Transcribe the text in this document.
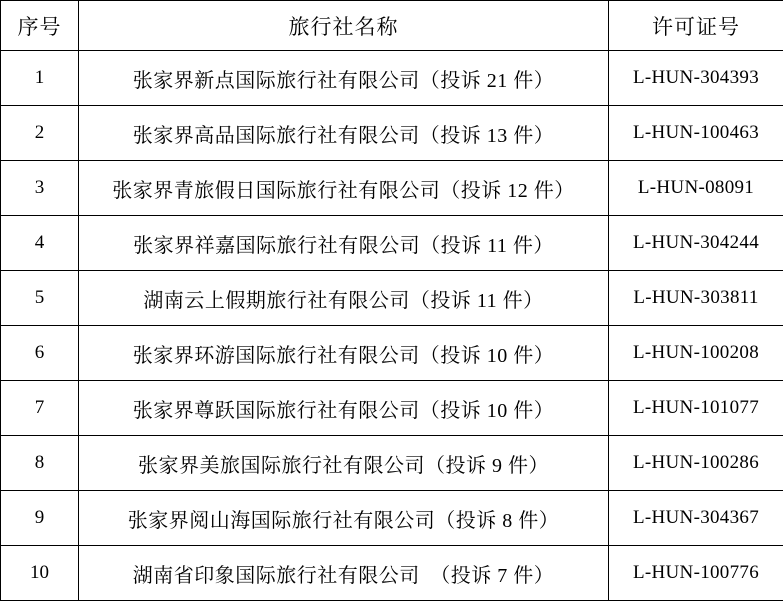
序号	旅行社名称	许可证号
1	张家界新点国际旅行社有限公司（投诉 21 件）	L-HUN-304393
2	张家界高品国际旅行社有限公司（投诉 13 件）	L-HUN-100463
3	张家界青旅假日国际旅行社有限公司（投诉 12 件）	L-HUN-08091
4	张家界祥嘉国际旅行社有限公司（投诉 11 件）	L-HUN-304244
5	湖南云上假期旅行社有限公司（投诉 11 件）	L-HUN-303811
6	张家界环游国际旅行社有限公司（投诉 10 件）	L-HUN-100208
7	张家界尊跃国际旅行社有限公司（投诉 10 件）	L-HUN-101077
8	张家界美旅国际旅行社有限公司（投诉 9 件）	L-HUN-100286
9	张家界阅山海国际旅行社有限公司（投诉 8 件）	L-HUN-304367
10	湖南省印象国际旅行社有限公司　（投诉 7 件）	L-HUN-100776
